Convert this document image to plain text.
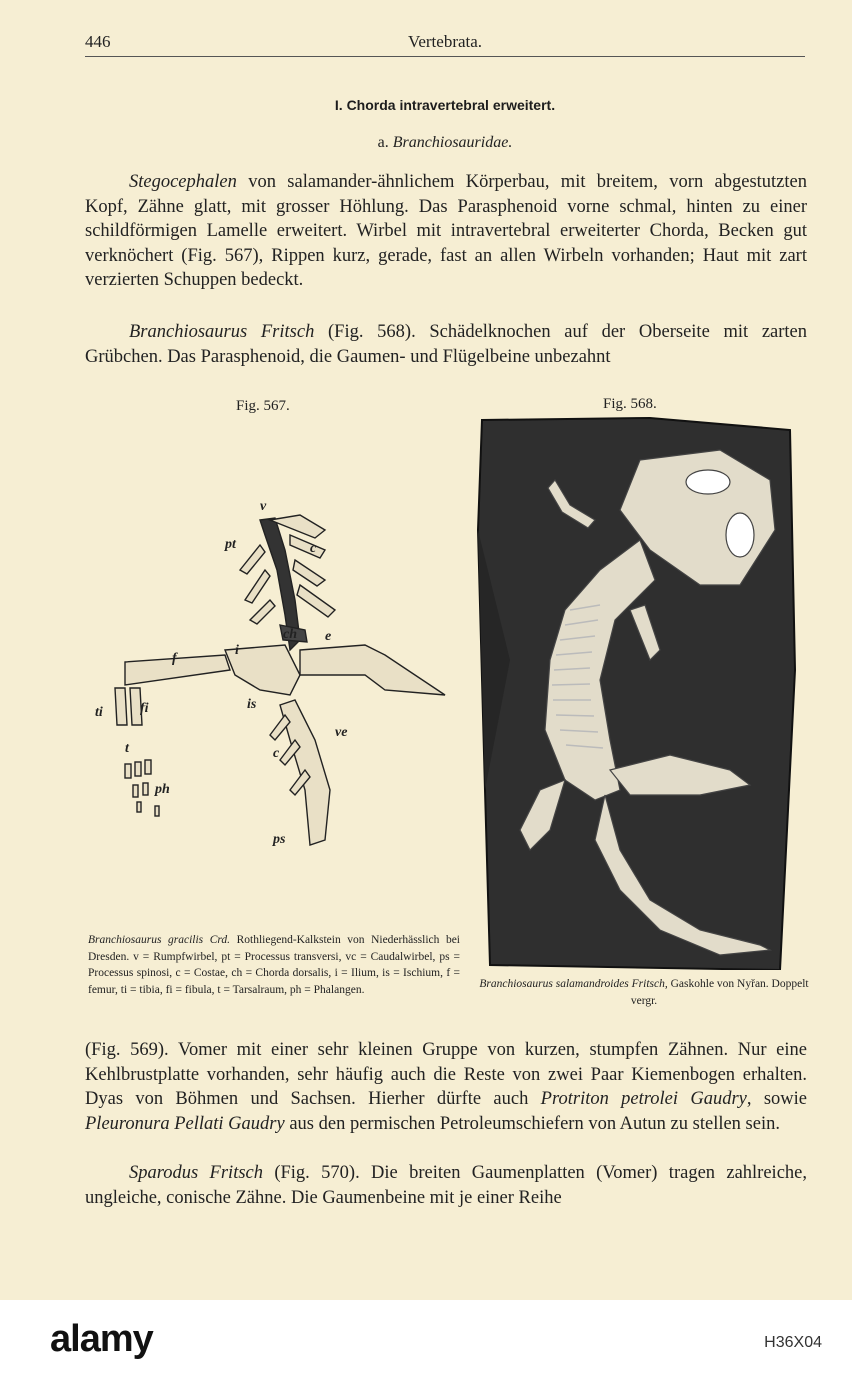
446	Vertebrata.
I. Chorda intravertebral erweitert.
a. Branchiosauridae.

Stegocephalen von salamander-ähnlichem Körperbau, mit breitem, vorn abgestutzten Kopf, Zähne glatt, mit grosser Höhlung. Das Parasphenoid vorne schmal, hinten zu einer schildförmigen Lamelle erweitert. Wirbel mit intravertebral erweiterter Chorda, Becken gut verknöchert (Fig. 567), Rippen kurz, gerade, fast an allen Wirbeln vorhanden; Haut mit zart verzierten Schuppen bedeckt.

Branchiosaurus Fritsch (Fig. 568). Schädelknochen auf der Oberseite mit zarten Grübchen. Das Parasphenoid, die Gaumen- und Flügelbeine unbezahnt

Fig. 567.	Fig. 568.
v
pt	c
ch e
f
i
ti	fi	is
ve
t
ph
c
ps
Branchiosaurus gracilis Crd. Rothliegend-Kalkstein von Niederhässlich bei Dresden. v = Rumpfwirbel, pt = Processus transversi, vc = Caudalwirbel, ps = Processus spinosi, c = Costae, ch = Chorda dorsalis, i = Ilium, is = Ischium, f = femur, ti = tibia, fi = fibula, t = Tarsalraum, ph = Phalangen.	Branchiosaurus salamandroides Fritsch, Gaskohle von Nyřan. Doppelt vergr.

(Fig. 569). Vomer mit einer sehr kleinen Gruppe von kurzen, stumpfen Zähnen. Nur eine Kehlbrustplatte vorhanden, sehr häufig auch die Reste von zwei Paar Kiemenbogen erhalten. Dyas von Böhmen und Sachsen. Hierher dürfte auch Protriton petrolei Gaudry, sowie Pleuronura Pellati Gaudry aus den permischen Petroleumschiefern von Autun zu stellen sein.

Sparodus Fritsch (Fig. 570). Die breiten Gaumenplatten (Vomer) tragen zahlreiche, ungleiche, conische Zähne. Die Gaumenbeine mit je einer Reihe

alamy	H36X04
